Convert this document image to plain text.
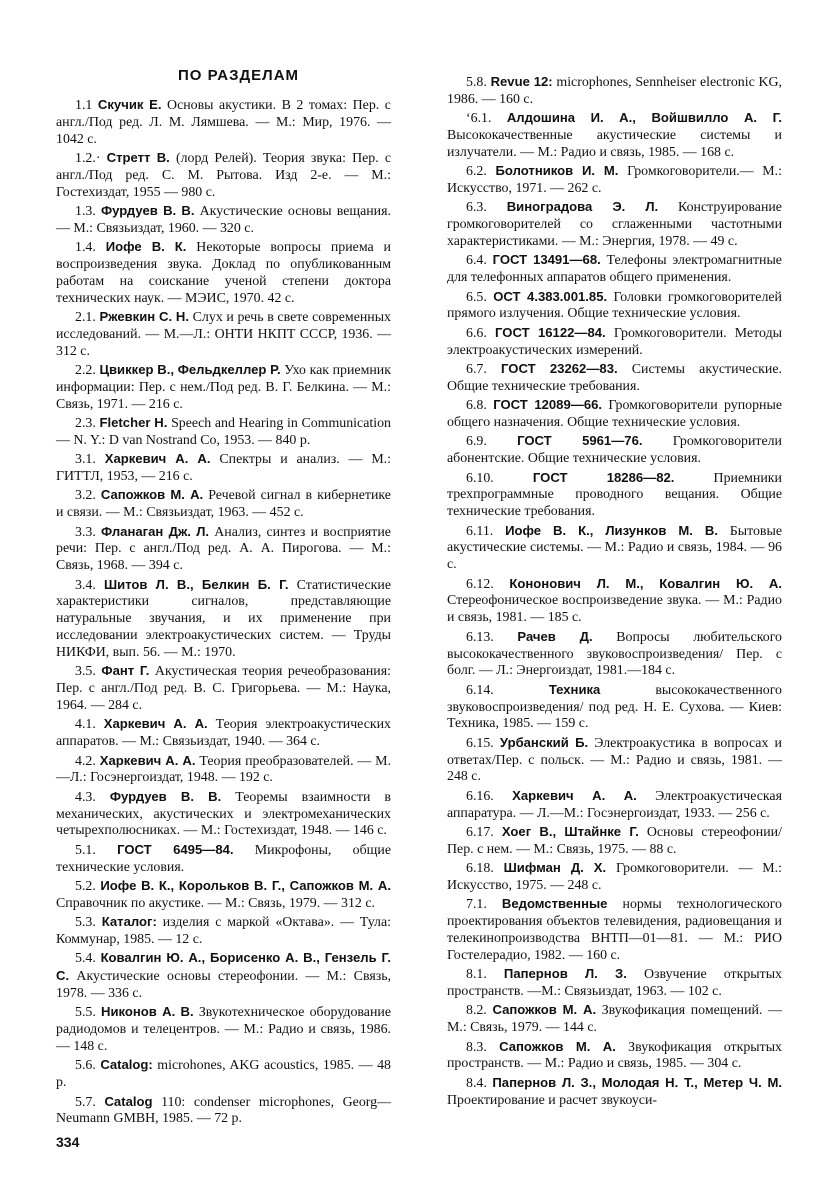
ПО РАЗДЕЛАМ
1.1 Скучик Е. Основы акустики. В 2 томах: Пер. с англ./Под ред. Л. М. Лямшева. — М.: Мир, 1976. — 1042 с.
1.2.· Стретт В. (лорд Релей). Теория звука: Пер. с англ./Под ред. С. М. Рытова. Изд 2-е. — М.: Гостехиздат, 1955 — 980 с.
1.3. Фурдуев В. В. Акустические основы вещания. — М.: Связьиздат, 1960. — 320 с.
1.4. Иофе В. К. Некоторые вопросы приема и воспроизведения звука. Доклад по опубликованным работам на соискание ученой степени доктора технических наук. — МЭИС, 1970. 42 с.
2.1. Ржевкин С. Н. Слух и речь в свете современных исследований. — М.—Л.: ОНТИ НКПТ СССР, 1936. — 312 с.
2.2. Цвиккер В., Фельдкеллер Р. Ухо как приемник информации: Пер. с нем./Под ред. В. Г. Белкина. — М.: Связь, 1971. — 216 с.
2.3. Fletcher H. Speech and Hearing in Communication — N. Y.: D van Nostrand Co, 1953. — 840 p.
3.1. Харкевич А. А. Спектры и анализ. — М.: ГИТТЛ, 1953, — 216 с.
3.2. Сапожков М. А. Речевой сигнал в кибернетике и связи. — М.: Связьиздат, 1963. — 452 с.
3.3. Фланаган Дж. Л. Анализ, синтез и восприятие речи: Пер. с англ./Под ред. А. А. Пирогова. — М.: Связь, 1968. — 394 с.
3.4. Шитов Л. В., Белкин Б. Г. Статистические характеристики сигналов, представляющие натуральные звучания, и их применение при исследовании электроакустических систем. — Труды НИКФИ, вып. 56. — М.: 1970.
3.5. Фант Г. Акустическая теория речеобразования: Пер. с англ./Под ред. В. С. Григорьева. — М.: Наука, 1964. — 284 с.
4.1. Харкевич А. А. Теория электроакустических аппаратов. — М.: Связьиздат, 1940. — 364 с.
4.2. Харкевич А. А. Теория преобразователей. — М.—Л.: Госэнергоиздат, 1948. — 192 с.
4.3. Фурдуев В. В. Теоремы взаимности в механических, акустических и электромеханических четырехполюсниках. — М.: Гостехиздат, 1948. — 146 с.
5.1. ГОСТ 6495—84. Микрофоны, общие технические условия.
5.2. Иофе В. К., Корольков В. Г., Сапожков М. А. Справочник по акустике. — М.: Связь, 1979. — 312 с.
5.3. Каталог: изделия с маркой «Октава». — Тула: Коммунар, 1985. — 12 с.
5.4. Ковалгин Ю. А., Борисенко А. В., Гензель Г. С. Акустические основы стереофонии. — М.: Связь, 1978. — 336 с.
5.5. Никонов А. В. Звукотехническое оборудование радиодомов и телецентров. — М.: Радио и связь, 1986. — 148 с.
5.6. Catalog: microhones, AKG acoustics, 1985. — 48 p.
5.7. Catalog 110: condenser microphones, Georg—Neumann GMBH, 1985. — 72 p.
5.8. Revue 12: microphones, Sennheiser electronic KG, 1986. — 160 с.
‘6.1. Алдошина И. А., Войшвилло А. Г. Высококачественные акустические системы и излучатели. — М.: Радио и связь, 1985. — 168 с.
6.2. Болотников И. М. Громкоговорители.— М.: Искусство, 1971. — 262 с.
6.3. Виноградова Э. Л. Конструирование громкоговорителей со сглаженными частотными характеристиками. — М.: Энергия, 1978. — 49 с.
6.4. ГОСТ 13491—68. Телефоны электромагнитные для телефонных аппаратов общего применения.
6.5. ОСТ 4.383.001.85. Головки громкоговорителей прямого излучения. Общие технические условия.
6.6. ГОСТ 16122—84. Громкоговорители. Методы электроакустических измерений.
6.7. ГОСТ 23262—83. Системы акустические. Общие технические требования.
6.8. ГОСТ 12089—66. Громкоговорители рупорные общего назначения. Общие технические условия.
6.9. ГОСТ 5961—76. Громкоговорители абонентские. Общие технические условия.
6.10.	ГОСТ 18286—82.	Приемники трехпрограммные проводного вещания. Общие технические требования.
6.11. Иофе В. К., Лизунков М. В. Бытовые акустические системы. — М.: Радио и связь, 1984. — 96 с.
6.12. Кононович Л. М., Ковалгин Ю. А. Стереофоническое воспроизведение звука. — М.: Радио и связь, 1981. — 185 с.
6.13. Рачев Д. Вопросы любительского высококачественного звуковоспроизведения/ Пер. с болг. — Л.: Энергоиздат, 1981.—184 с.
6.14.	Техника	высококачественного звуковоспроизведения/ под ред. Н. Е. Сухова. — Киев: Техника, 1985. — 159 с.
6.15. Урбанский Б. Электроакустика в вопросах и ответах/Пер. с польск. — М.: Радио и связь, 1981. — 248 с.
6.16. Харкевич А. А. Электроакустическая аппаратура. — Л.—М.: Госэнергоиздат, 1933. — 256 с.
6.17. Хоег В., Штайнке Г. Основы стереофонии/ Пер. с нем. — М.: Связь, 1975. — 88 с.
6.18. Шифман Д. Х. Громкоговорители. — М.: Искусство, 1975. — 248 с.
7.1. Ведомственные нормы технологического проектирования объектов телевидения, радиовещания и телекинопроизводства ВНТП—01—81. — М.: РИО Гостелерадио, 1982. — 160 с.
8.1. Папернов Л. З. Озвучение открытых пространств. —М.: Связьиздат, 1963. — 102 с.
8.2. Сапожков М. А. Звукофикация помещений. — М.: Связь, 1979. — 144 с.
8.3. Сапожков М. А. Звукофикация открытых пространств. — М.: Радио и связь, 1985. — 304 с.
8.4. Папернов Л. З., Молодая Н. Т., Метер Ч. М. Проектирование и расчет звукоуси-
334
